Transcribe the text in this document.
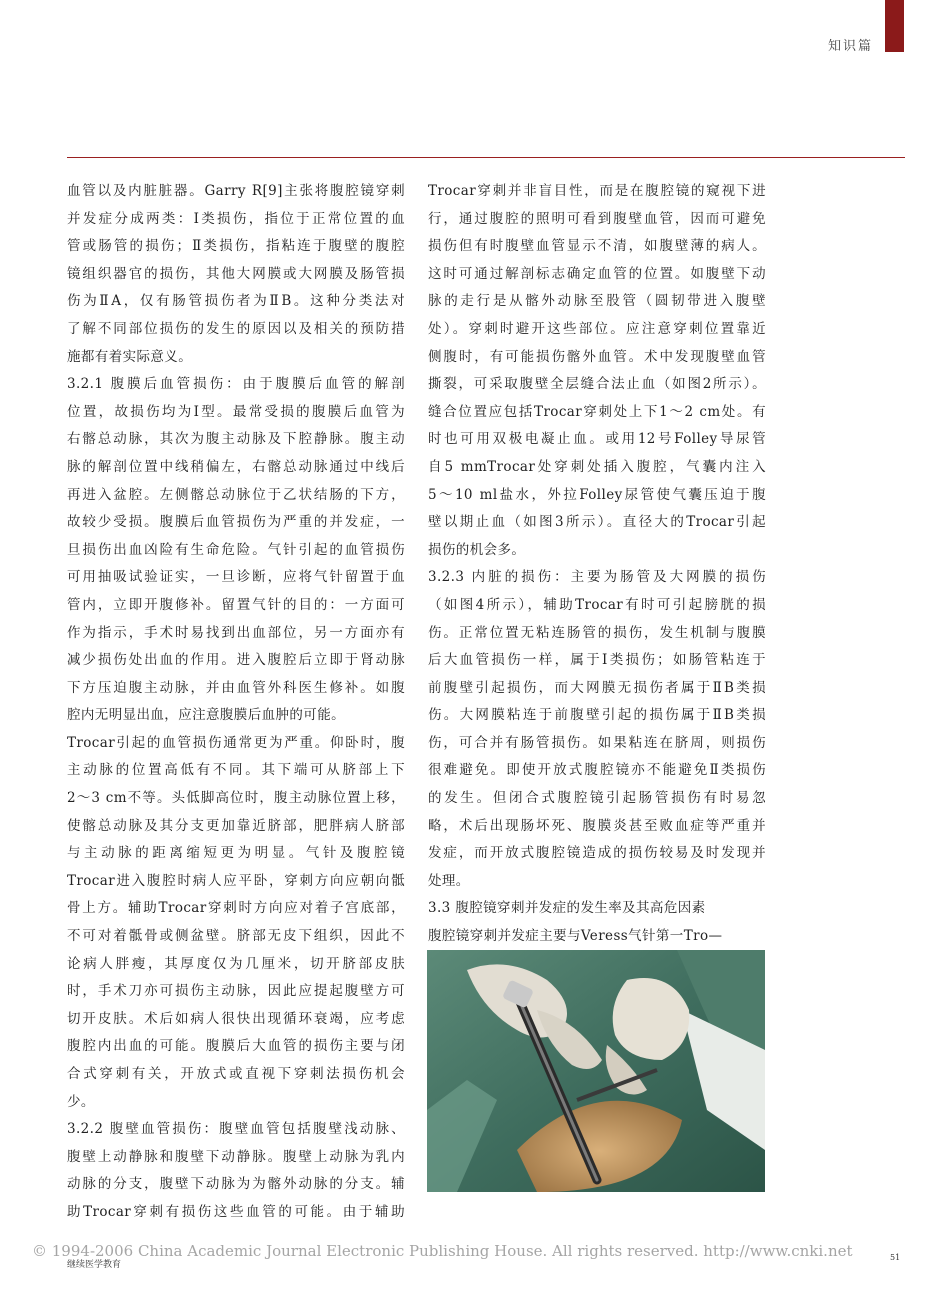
知识篇
血管以及内脏脏器。Garry R[9]主张将腹腔镜穿刺
并发症分成两类：Ⅰ类损伤，指位于正常位置的血
管或肠管的损伤；Ⅱ类损伤，指粘连于腹壁的腹腔
镜组织器官的损伤，其他大网膜或大网膜及肠管损
伤为ⅡA，仅有肠管损伤者为ⅡB。这种分类法对
了解不同部位损伤的发生的原因以及相关的预防措
施都有着实际意义。
3.2.1 腹膜后血管损伤：由于腹膜后血管的解剖
位置，故损伤均为Ⅰ型。最常受损的腹膜后血管为
右髂总动脉，其次为腹主动脉及下腔静脉。腹主动
脉的解剖位置中线稍偏左，右髂总动脉通过中线后
再进入盆腔。左侧髂总动脉位于乙状结肠的下方，
故较少受损。腹膜后血管损伤为严重的并发症，一
旦损伤出血凶险有生命危险。气针引起的血管损伤
可用抽吸试验证实，一旦诊断，应将气针留置于血
管内，立即开腹修补。留置气针的目的：一方面可
作为指示，手术时易找到出血部位，另一方面亦有
减少损伤处出血的作用。进入腹腔后立即于肾动脉
下方压迫腹主动脉，并由血管外科医生修补。如腹
腔内无明显出血，应注意腹膜后血肿的可能。
Trocar引起的血管损伤通常更为严重。仰卧时，腹
主动脉的位置高低有不同。其下端可从脐部上下
2～3 cm不等。头低脚高位时，腹主动脉位置上移，
使髂总动脉及其分支更加靠近脐部，肥胖病人脐部
与主动脉的距离缩短更为明显。气针及腹腔镜
Trocar进入腹腔时病人应平卧，穿刺方向应朝向骶
骨上方。辅助Trocar穿刺时方向应对着子宫底部，
不可对着骶骨或侧盆壁。脐部无皮下组织，因此不
论病人胖瘦，其厚度仅为几厘米，切开脐部皮肤
时，手术刀亦可损伤主动脉，因此应提起腹壁方可
切开皮肤。术后如病人很快出现循环衰竭，应考虑
腹腔内出血的可能。腹膜后大血管的损伤主要与闭
合式穿刺有关，开放式或直视下穿刺法损伤机会
少。
3.2.2 腹壁血管损伤：腹壁血管包括腹壁浅动脉、
腹壁上动静脉和腹壁下动静脉。腹壁上动脉为乳内
动脉的分支，腹壁下动脉为为髂外动脉的分支。辅
助Trocar穿刺有损伤这些血管的可能。由于辅助
Trocar穿刺并非盲目性，而是在腹腔镜的窥视下进
行，通过腹腔的照明可看到腹壁血管，因而可避免
损伤但有时腹壁血管显示不清，如腹壁薄的病人。
这时可通过解剖标志确定血管的位置。如腹壁下动
脉的走行是从髂外动脉至股管（圆韧带进入腹壁
处）。穿刺时避开这些部位。应注意穿刺位置靠近
侧腹时，有可能损伤髂外血管。术中发现腹壁血管
撕裂，可采取腹壁全层缝合法止血（如图2所示）。
缝合位置应包括Trocar穿刺处上下1～2 cm处。有
时也可用双极电凝止血。或用12号Folley导尿管
自5 mmTrocar处穿刺处插入腹腔，气囊内注入
5～10 ml盐水，外拉Folley尿管使气囊压迫于腹
壁以期止血（如图3所示）。直径大的Trocar引起
损伤的机会多。
3.2.3 内脏的损伤：主要为肠管及大网膜的损伤
（如图4所示），辅助Trocar有时可引起膀胱的损
伤。正常位置无粘连肠管的损伤，发生机制与腹膜
后大血管损伤一样，属于Ⅰ类损伤；如肠管粘连于
前腹壁引起损伤，而大网膜无损伤者属于ⅡB类损
伤。大网膜粘连于前腹壁引起的损伤属于ⅡB类损
伤，可合并有肠管损伤。如果粘连在脐周，则损伤
很难避免。即使开放式腹腔镜亦不能避免Ⅱ类损伤
的发生。但闭合式腹腔镜引起肠管损伤有时易忽
略，术后出现肠坏死、腹膜炎甚至败血症等严重并
发症，而开放式腹腔镜造成的损伤较易及时发现并
处理。
3.3 腹腔镜穿刺并发症的发生率及其高危因素
腹腔镜穿刺并发症主要与Veress气针第一Tro—
© 1994-2006 China Academic Journal Electronic Publishing House. All rights reserved. http://www.cnki.net
继续医学教育
51
